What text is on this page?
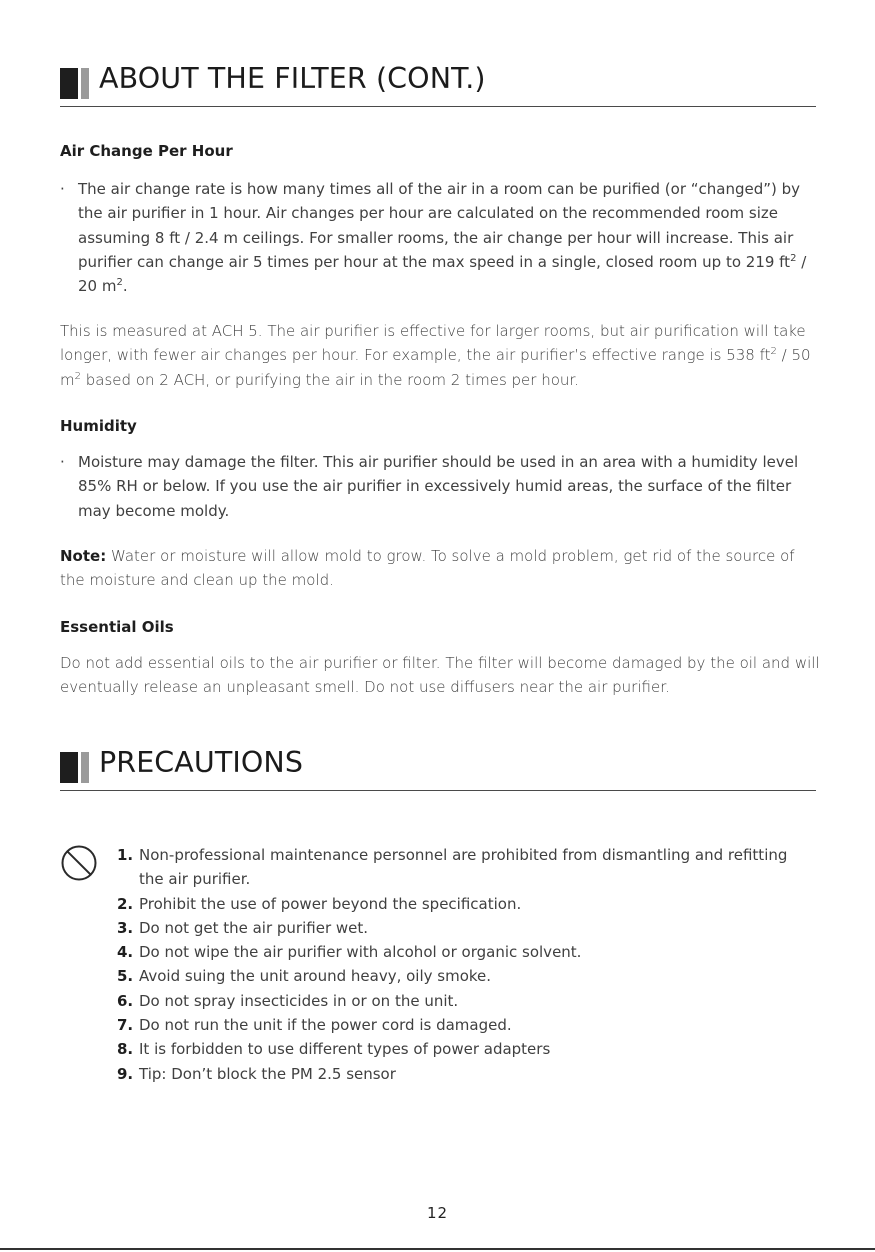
ABOUT THE FILTER (CONT.)
Air Change Per Hour
· The air change rate is how many times all of the air in a room can be purified (or “changed”) by the air purifier in 1 hour. Air changes per hour are calculated on the recommended room size assuming 8 ft / 2.4 m ceilings. For smaller rooms, the air change per hour will increase. This air purifier can change air 5 times per hour at the max speed in a single, closed room up to 219 $ft^2 / 20$ $m^2$.
This is measured at ACH 5. The air purifier is effective for larger rooms, but air purification will take longer, with fewer air changes per hour. For example, the air purifier’s effective range is 538 $ft^2 / 50$ $m^2$ based on 2 ACH, or purifying the air in the room 2 times per hour.
Humidity
· Moisture may damage the filter. This air purifier should be used in an area with a humidity level 85% RH or below. If you use the air purifier in excessively humid areas, the surface of the filter may become moldy.
Note: Water or moisture will allow mold to grow. To solve a mold problem, get rid of the source of the moisture and clean up the mold.
Essential Oils
Do not add essential oils to the air purifier or filter. The filter will become damaged by the oil and will eventually release an unpleasant smell. Do not use diffusers near the air purifier.
PRECAUTIONS
1. Non-professional maintenance personnel are prohibited from dismantling and refitting the air purifier.
2. Prohibit the use of power beyond the specification.
3. Do not get the air purifier wet.
4. Do not wipe the air purifier with alcohol or organic solvent.
5. Avoid suing the unit around heavy, oily smoke.
6. Do not spray insecticides in or on the unit.
7. Do not run the unit if the power cord is damaged.
8. It is forbidden to use different types of power adapters
9. Tip: Don’t block the PM 2.5 sensor
12
